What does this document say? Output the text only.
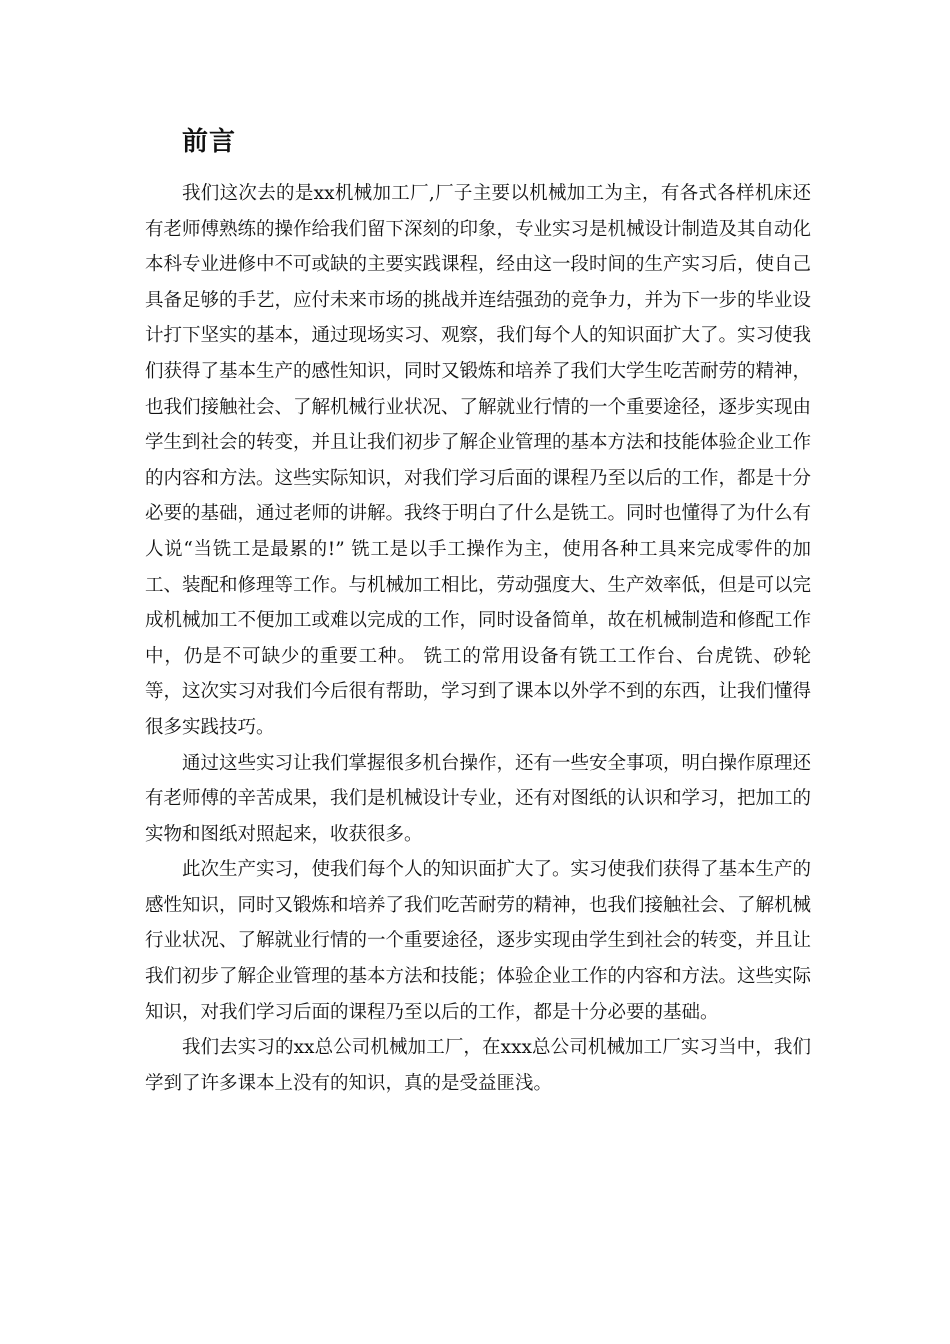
前言

我们这次去的是xx机械加工厂,厂子主要以机械加工为主，有各式各样机床还有老师傅熟练的操作给我们留下深刻的印象，专业实习是机械设计制造及其自动化本科专业进修中不可或缺的主要实践课程，经由这一段时间的生产实习后，使自己具备足够的手艺，应付未来市场的挑战并连结强劲的竞争力，并为下一步的毕业设计打下坚实的基本，通过现场实习、观察，我们每个人的知识面扩大了。实习使我们获得了基本生产的感性知识，同时又锻炼和培养了我们大学生吃苦耐劳的精神，也我们接触社会、了解机械行业状况、了解就业行情的一个重要途径，逐步实现由学生到社会的转变，并且让我们初步了解企业管理的基本方法和技能体验企业工作的内容和方法。这些实际知识，对我们学习后面的课程乃至以后的工作，都是十分必要的基础，通过老师的讲解。我终于明白了什么是铣工。同时也懂得了为什么有人说“当铣工是最累的!” 铣工是以手工操作为主，使用各种工具来完成零件的加工、装配和修理等工作。与机械加工相比，劳动强度大、生产效率低，但是可以完成机械加工不便加工或难以完成的工作，同时设备简单，故在机械制造和修配工作中，仍是不可缺少的重要工种。 铣工的常用设备有铣工工作台、台虎铣、砂轮等，这次实习对我们今后很有帮助，学习到了课本以外学不到的东西，让我们懂得很多实践技巧。

通过这些实习让我们掌握很多机台操作，还有一些安全事项，明白操作原理还有老师傅的辛苦成果，我们是机械设计专业，还有对图纸的认识和学习，把加工的实物和图纸对照起来，收获很多。

此次生产实习，使我们每个人的知识面扩大了。实习使我们获得了基本生产的感性知识，同时又锻炼和培养了我们吃苦耐劳的精神，也我们接触社会、了解机械行业状况、了解就业行情的一个重要途径，逐步实现由学生到社会的转变，并且让我们初步了解企业管理的基本方法和技能；体验企业工作的内容和方法。这些实际知识，对我们学习后面的课程乃至以后的工作，都是十分必要的基础。

我们去实习的xx总公司机械加工厂，在xxx总公司机械加工厂实习当中，我们学到了许多课本上没有的知识，真的是受益匪浅。
